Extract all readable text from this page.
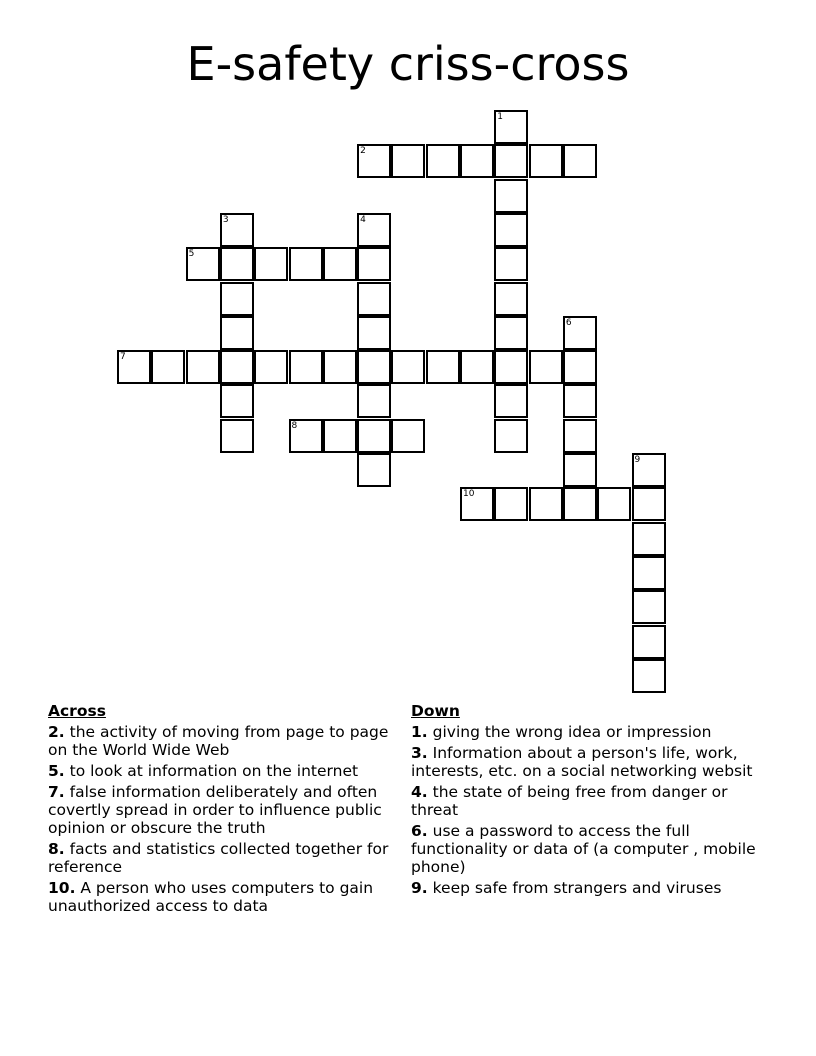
E-safety criss-cross
1
2
3	4
5
6
7
8
9
10
Across
2. the activity of moving from page to page on the World Wide Web
5. to look at information on the internet
7. false information deliberately and often covertly spread in order to influence public opinion or obscure the truth
8. facts and statistics collected together for reference
10. A person who uses computers to gain unauthorized access to data
Down
1. giving the wrong idea or impression
3. Information about a person's life, work, interests, etc. on a social networking websit
4. the state of being free from danger or threat
6. use a password to access the full functionality or data of (a computer , mobile phone)
9. keep safe from strangers and viruses
